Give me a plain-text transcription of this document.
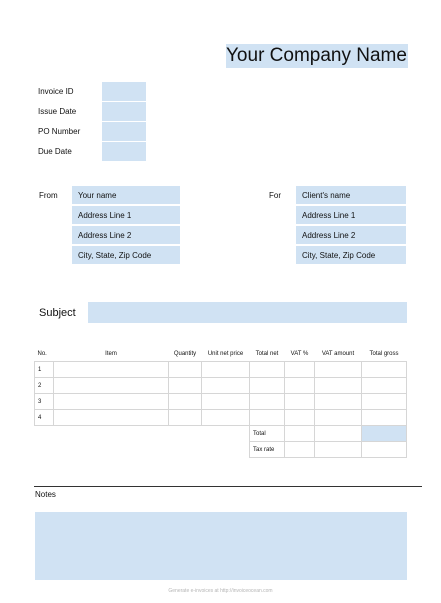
Your Company Name
Invoice ID
Issue Date
PO Number
Due Date
From	Your name
Address Line 1
Address Line 2
City, State, Zip Code
For	Client's name
Address Line 1
Address Line 2
City, State, Zip Code
Subject
No.	Item	Quantity	Unit net price	Total net	VAT %	VAT amount	Total gross
1							
2							
3							
4							
				Total			
				Tax rate			
Notes
Generate e-invoices at http://invoiceocean.com
